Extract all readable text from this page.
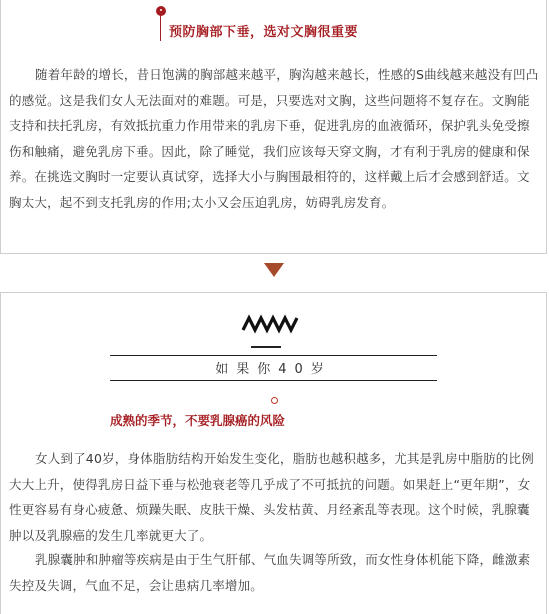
预防胸部下垂，选对文胸很重要

随着年龄的增长，昔日饱满的胸部越来越平，胸沟越来越长，性感的S曲线越来越没有凹凸的感觉。这是我们女人无法面对的难题。可是，只要选对文胸，这些问题将不复存在。文胸能支持和扶托乳房，有效抵抗重力作用带来的乳房下垂，促进乳房的血液循环，保护乳头免受擦伤和触痛，避免乳房下垂。因此，除了睡觉，我们应该每天穿文胸，才有利于乳房的健康和保养。在挑选文胸时一定要认真试穿，选择大小与胸围最相符的，这样戴上后才会感到舒适。文胸太大，起不到支托乳房的作用;太小又会压迫乳房，妨碍乳房发育。

如果你40岁
成熟的季节，不要乳腺癌的风险

女人到了40岁，身体脂肪结构开始发生变化，脂肪也越积越多，尤其是乳房中脂肪的比例大大上升，使得乳房日益下垂与松弛衰老等几乎成了不可抵抗的问题。如果赶上“更年期”，女性更容易有身心疲惫、烦躁失眠、皮肤干燥、头发枯黄、月经紊乱等表现。这个时候，乳腺囊肿以及乳腺癌的发生几率就更大了。

乳腺囊肿和肿瘤等疾病是由于生气肝郁、气血失调等所致，而女性身体机能下降，雌激素失控及失调，气血不足，会让患病几率增加。
